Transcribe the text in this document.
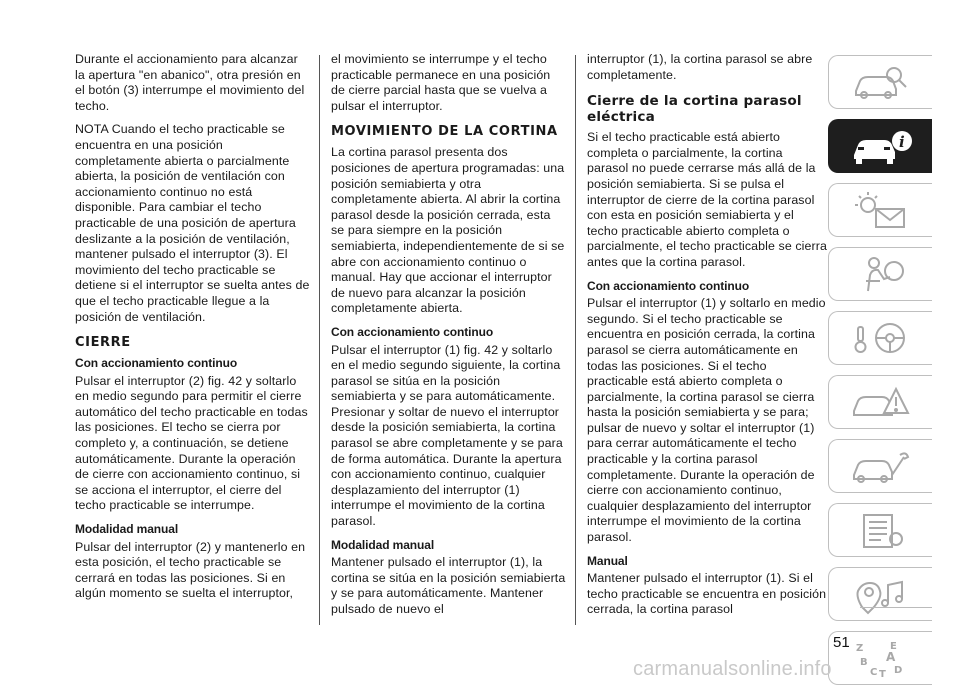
Durante el accionamiento para alcanzar la apertura "en abanico", otra presión en el botón (3) interrumpe el movimiento del techo.

NOTA Cuando el techo practicable se encuentra en una posición completamente abierta o parcialmente abierta, la posición de ventilación con accionamiento continuo no está disponible. Para cambiar el techo practicable de una posición de apertura deslizante a la posición de ventilación, mantener pulsado el interruptor (3). El movimiento del techo practicable se detiene si el interruptor se suelta antes de que el techo practicable llegue a la posición de ventilación.

CIERRE
Con accionamiento continuo

Pulsar el interruptor (2) fig. 42 y soltarlo en medio segundo para permitir el cierre automático del techo practicable en todas las posiciones. El techo se cierra por completo y, a continuación, se detiene automáticamente. Durante la operación de cierre con accionamiento continuo, si se acciona el interruptor, el cierre del techo practicable se interrumpe.

Modalidad manual

Pulsar del interruptor (2) y mantenerlo en esta posición, el techo practicable se cerrará en todas las posiciones. Si en algún momento se suelta el interruptor,

el movimiento se interrumpe y el techo practicable permanece en una posición de cierre parcial hasta que se vuelva a pulsar el interruptor.

MOVIMIENTO DE LA CORTINA

La cortina parasol presenta dos posiciones de apertura programadas: una posición semiabierta y otra completamente abierta. Al abrir la cortina parasol desde la posición cerrada, esta se para siempre en la posición semiabierta, independientemente de si se abre con accionamiento continuo o manual. Hay que accionar el interruptor de nuevo para alcanzar la posición completamente abierta.

Con accionamiento continuo

Pulsar el interruptor (1) fig. 42 y soltarlo en el medio segundo siguiente, la cortina parasol se sitúa en la posición semiabierta y se para automáticamente. Presionar y soltar de nuevo el interruptor desde la posición semiabierta, la cortina parasol se abre completamente y se para de forma automática. Durante la apertura con accionamiento continuo, cualquier desplazamiento del interruptor (1) interrumpe el movimiento de la cortina parasol.

Modalidad manual

Mantener pulsado el interruptor (1), la cortina se sitúa en la posición semiabierta y se para automáticamente. Mantener pulsado de nuevo el

interruptor (1), la cortina parasol se abre completamente.

Cierre de la cortina parasol eléctrica

Si el techo practicable está abierto completa o parcialmente, la cortina parasol no puede cerrarse más allá de la posición semiabierta. Si se pulsa el interruptor de cierre de la cortina parasol con esta en posición semiabierta y el techo practicable abierto completa o parcialmente, el techo practicable se cierra antes que la cortina parasol.

Con accionamiento continuo

Pulsar el interruptor (1) y soltarlo en medio segundo. Si el techo practicable se encuentra en posición cerrada, la cortina parasol se cierra automáticamente en todas las posiciones. Si el techo practicable está abierto completa o parcialmente, la cortina parasol se cierra hasta la posición semiabierta y se para; pulsar de nuevo y soltar el interruptor (1) para cerrar automáticamente el techo practicable y la cortina parasol completamente. Durante la operación de cierre con accionamiento continuo, cualquier desplazamiento del interruptor interrumpe el movimiento de la cortina parasol.

Manual

Mantener pulsado el interruptor (1). Si el techo practicable se encuentra en posición cerrada, la cortina parasol

i
Z	E
B A
C T D
51
carmanualsonline.info
